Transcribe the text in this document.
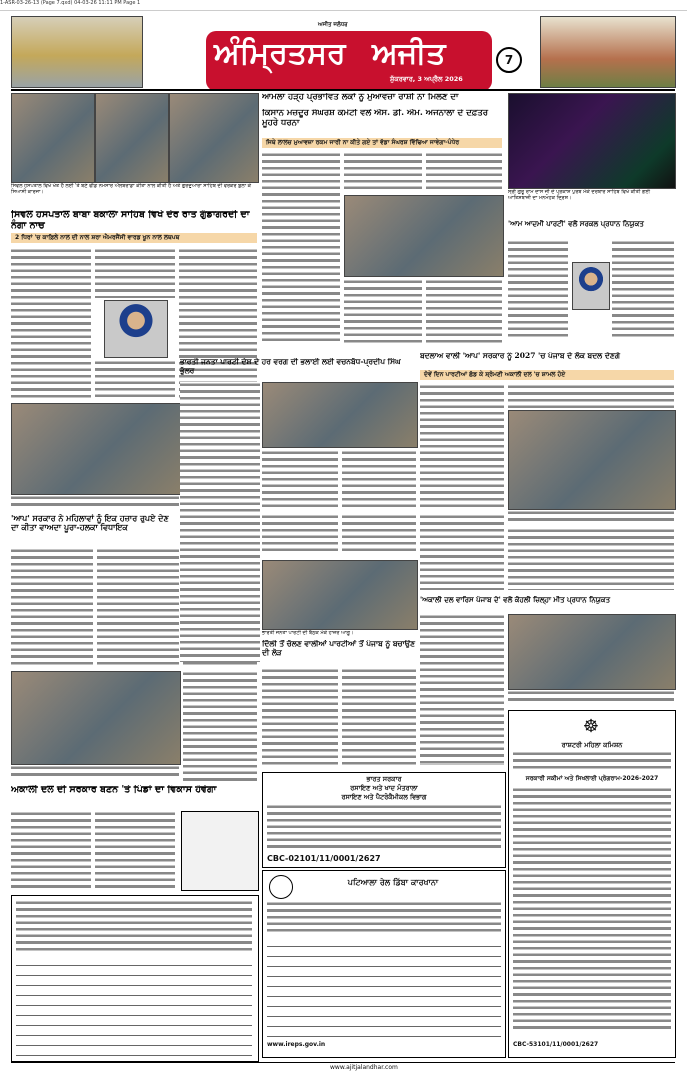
1-ASR-03-26-13 (Page 7.qxd) 04-03-26 11:11 PM Page 1
ਅਜੀਤ ਜਲੰਧਰ
ਅੰਮ੍ਰਿਤਸਰ ਅਜੀਤ
ਸ਼ੁੱਕਰਵਾਰ, 3 ਅਪ੍ਰੈਲ 2026
7
ਸਿਵਲ ਹਸਪਤਾਲ ਵਿਖੇ ਖੇਤ ਹੈ ਲਈ 'ਤੇ ਬਣੇ ਫੀਡ ਨਮਸਾਰ ਅੱਲਬਰਾਡਾ ਕੀਤਾ ਨਾਲ ਕੀਤੀ ਹੈ ਅਤੇ ਗੁਰਦੁਆਰਾ ਸਾਹਿਬ ਦੀ ਵਰਕਰ ਬੁਲਾ ਕੇ ਸਿਆਸੀ ਕਾਰਜਾ।
ਸਿਵਲ ਹਸਪਤਾਲ ਬਾਬਾ ਬਕਾਲਾ ਸਾਹਿਬ ਵਿਖੇ ਦੇਰ ਰਾਤ ਗੁੰਡਾਗਰਦੀ ਦਾ ਨੰਗਾ ਨਾਚ
2 ਧਿਰਾਂ 'ਚ ਕਾਫ਼ਿਲੇ ਨਾਲ ਦੀ ਨਾਲ ਸ਼ਰਾ ਐਮਰਜੈਂਸੀ ਵਾਰਡ ਖੂਨ ਨਾਲ ਲਥਪਥ
'ਆਪ' ਸਰਕਾਰ ਨੇ ਮਹਿਲਾਵਾਂ ਨੂੰ ਇਕ ਹਜ਼ਾਰ ਰੁਪਏ ਦੇਣ ਦਾ ਕੀਤਾ ਵਾਅਦਾ ਪੂਰਾ-ਹਲਕਾ ਵਿਧਾਇਕ
ਅਕਾਲੀ ਦਲ ਦੀ ਸਰਕਾਰ ਬਣਨ 'ਤੇ ਪਿੰਡਾਂ ਦਾ ਵਿਕਾਸ ਹੋਵੇਗਾ
ਆਮਲਾ ਹੜ੍ਹ ਪ੍ਰਭਾਵਿਤ ਲੋਕਾਂ ਨੂੰ ਮੁਆਵਜ਼ਾ ਰਾਸ਼ੀ ਨਾ ਮਿਲਣ ਦਾ
ਕਿਸਾਨ ਮਜ਼ਦੂਰ ਸੰਘਰਸ਼ ਕਮੇਟੀ ਵਲੋਂ ਐਸ. ਡੀ. ਐਮ. ਅਜਨਾਲਾ ਦੇ ਦਫ਼ਤਰ ਮੂਹਰੇ ਧਰਨਾ
ਜਿਥੇ ਲਾਲਚ ਮੁਆਵਜ਼ਾ ਰਕਮ ਜਾਰੀ ਨਾ ਕੀਤੇ ਗਏ ਤਾਂ ਵੱਡਾ ਸੰਘਰਸ਼ ਵਿੱਢਿਆ ਜਾਵੇਗਾ-ਪੰਧੇਰ
ਭਾਰਤੀ ਜਨਤਾ ਪਾਰਟੀ ਦੇਸ਼ ਦੇ ਹਰ ਵਰਗ ਦੀ ਭਲਾਈ ਲਈ ਵਚਨਬੱਧ-ਪ੍ਰਦੀਪ ਸਿੰਘ ਭੁੱਲਰ
ਭਾਰਤੀ ਜਨਤਾ ਪਾਰਟੀ ਦੀ ਬੈਠਕ ਮੌਕੇ ਹਾਜ਼ਰ ਆਗੂ।
ਦਿੱਲੀ ਤੋਂ ਚੱਲਣ ਵਾਲੀਆਂ ਪਾਰਟੀਆਂ ਤੋਂ ਪੰਜਾਬ ਨੂੰ ਬਚਾਉਣ ਦੀ ਲੋੜ
ਭਾਰਤ ਸਰਕਾਰ
ਰਸਾਇਣ ਅਤੇ ਖਾਦ ਮੰਤਰਾਲਾ
ਰਸਾਇਣ ਅਤੇ ਪੈਟਰੋਕੈਮੀਕਲ ਵਿਭਾਗ
CBC-02101/11/0001/2627
ਪਟਿਆਲਾ ਰੇਲ ਡਿੱਬਾ ਕਾਰਖਾਨਾ
www.ireps.gov.in
ਸ੍ਰੀ ਗੁਰੂ ਰਾਮ ਦਾਸ ਜੀ ਦੇ ਪ੍ਰਕਾਸ਼ ਪੁਰਬ ਮੌਕੇ ਦਰਬਾਰ ਸਾਹਿਬ ਵਿਖੇ ਕੀਤੀ ਗਈ ਆਤਿਸ਼ਬਾਜ਼ੀ ਦਾ ਮਨਮੋਹਕ ਦ੍ਰਿਸ਼।
'ਆਮ ਆਦਮੀ ਪਾਰਟੀ' ਵਲੋਂ ਸਰਕਲ ਪ੍ਰਧਾਨ ਨਿਯੁਕਤ
ਬਦਲਾਅ ਵਾਲੀ 'ਆਪ' ਸਰਕਾਰ ਨੂੰ 2027 'ਚ ਪੰਜਾਬ ਦੇ ਲੋਕ ਬਦਲ ਦੇਣਗੇ
ਦੋਵੇਂ ਦਿਨ ਪਾਰਟੀਆਂ ਛੱਡ ਕੇ ਸ਼੍ਰੋਮਣੀ ਅਕਾਲੀ ਦਲ 'ਚ ਸ਼ਾਮਲ ਹੋਏ
'ਅਕਾਲੀ ਦਲ ਵਾਰਿਸ ਪੰਜਾਬ ਦੇ' ਵਲੋਂ ਕੋਹਲੀ ਜ਼ਿਲ੍ਹਾ ਮੀਤ ਪ੍ਰਧਾਨ ਨਿਯੁਕਤ
☸
ਰਾਸ਼ਟਰੀ ਮਹਿਲਾ ਕਮਿਸ਼ਨ
ਸਰਕਾਰੀ ਸਕੀਮਾਂ ਅਤੇ ਸਿਖਲਾਈ ਪ੍ਰੋਗਰਾਮ-2026-2027
CBC-53101/11/0001/2627
www.ajitjalandhar.com
